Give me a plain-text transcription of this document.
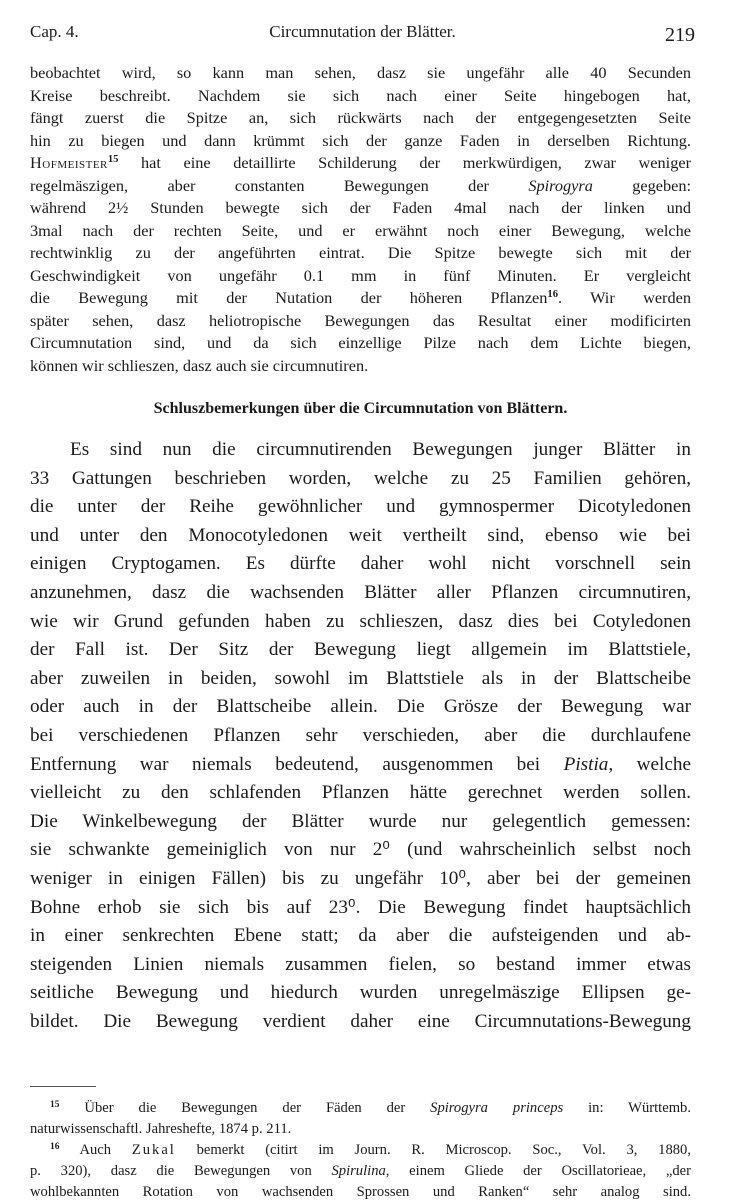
Cap. 4.	Circumnutation der Blätter.	219
beobachtet wird, so kann man sehen, dasz sie ungefähr alle 40 Secunden
Kreise beschreibt. Nachdem sie sich nach einer Seite hingebogen hat,
fängt zuerst die Spitze an, sich rückwärts nach der entgegengesetzten Seite
hin zu biegen und dann krümmt sich der ganze Faden in derselben Richtung.
Hofmeister$^{15}$ hat eine detaillirte Schilderung der merkwürdigen, zwar weniger
regelmäszigen, aber constanten Bewegungen der Spirogyra gegeben:
während 2½ Stunden bewegte sich der Faden 4mal nach der linken und
3mal nach der rechten Seite, und er erwähnt noch einer Bewegung, welche
rechtwinklig zu der angeführten eintrat. Die Spitze bewegte sich mit der
Geschwindigkeit von ungefähr 0.1 mm in fünf Minuten. Er vergleicht
die Bewegung mit der Nutation der höheren Pflanzen$^{16}$. Wir werden
später sehen, dasz heliotropische Bewegungen das Resultat einer modificirten
Circumnutation sind, und da sich einzellige Pilze nach dem Lichte biegen,
können wir schlieszen, dasz auch sie circumnutiren.
Schluszbemerkungen über die Circumnutation von Blättern.
Es sind nun die circumnutirenden Bewegungen junger Blätter in
33 Gattungen beschrieben worden, welche zu 25 Familien gehören,
die unter der Reihe gewöhnlicher und gymnospermer Dicotyledonen
und unter den Monocotyledonen weit vertheilt sind, ebenso wie bei
einigen Cryptogamen. Es dürfte daher wohl nicht vorschnell sein
anzunehmen, dasz die wachsenden Blätter aller Pflanzen circumnutiren,
wie wir Grund gefunden haben zu schlieszen, dasz dies bei Cotyledonen
der Fall ist. Der Sitz der Bewegung liegt allgemein im Blattstiele,
aber zuweilen in beiden, sowohl im Blattstiele als in der Blattscheibe
oder auch in der Blattscheibe allein. Die Grösze der Bewegung war
bei verschiedenen Pflanzen sehr verschieden, aber die durchlaufene
Entfernung war niemals bedeutend, ausgenommen bei Pistia, welche
vielleicht zu den schlafenden Pflanzen hätte gerechnet werden sollen.
Die Winkelbewegung der Blätter wurde nur gelegentlich gemessen:
sie schwankte gemeiniglich von nur 2⁰ (und wahrscheinlich selbst noch
weniger in einigen Fällen) bis zu ungefähr 10⁰, aber bei der gemeinen
Bohne erhob sie sich bis auf 23⁰. Die Bewegung findet hauptsächlich
in einer senkrechten Ebene statt; da aber die aufsteigenden und ab-
steigenden Linien niemals zusammen fielen, so bestand immer etwas
seitliche Bewegung und hiedurch wurden unregelmäszige Ellipsen ge-
bildet. Die Bewegung verdient daher eine Circumnutations-Bewegung
$^{15}$ Über die Bewegungen der Fäden der Spirogyra princeps in: Württemb.
naturwissenschaftl. Jahreshefte, 1874 p. 211.
$^{16}$ Auch Zukal bemerkt (citirt im Journ. R. Microscop. Soc., Vol. 3, 1880,
p. 320), dasz die Bewegungen von Spirulina, einem Gliede der Oscillatorieae, „der
wohlbekannten Rotation von wachsenden Sprossen und Ranken“ sehr analog sind.
